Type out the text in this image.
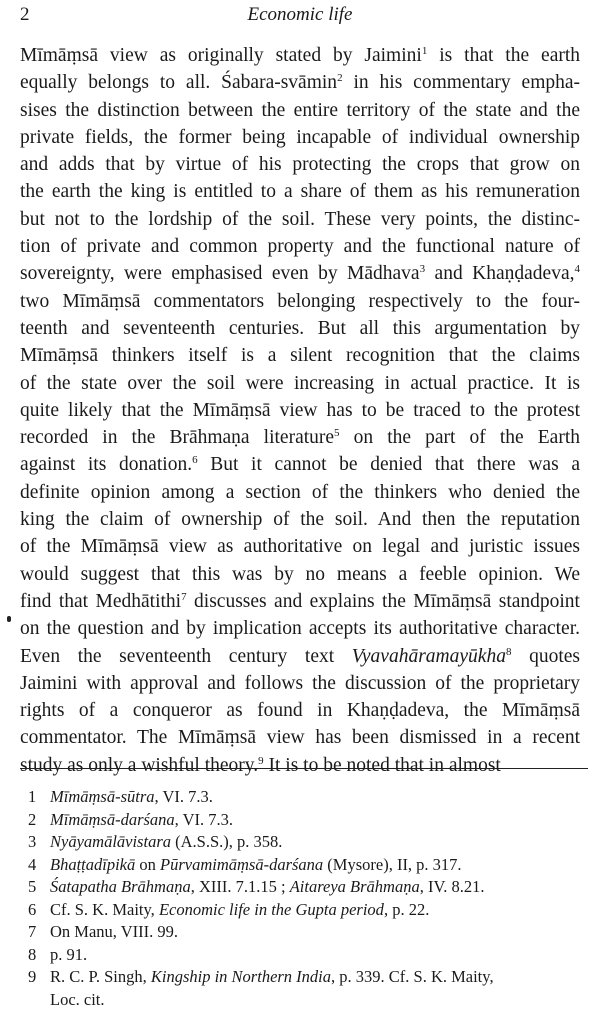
2	Economic life
Mīmāṃsā view as originally stated by Jaimini$^1$ is that the earth
equally belongs to all. Śabara-svāmin$^2$ in his commentary empha-
sises the distinction between the entire territory of the state and the
private fields, the former being incapable of individual ownership
and adds that by virtue of his protecting the crops that grow on
the earth the king is entitled to a share of them as his remuneration
but not to the lordship of the soil. These very points, the distinc-
tion of private and common property and the functional nature of
sovereignty, were emphasised even by Mādhava$^3$ and Khaṇḍadeva,$^4$
two Mīmāṃsā commentators belonging respectively to the four-
teenth and seventeenth centuries. But all this argumentation by
Mīmāṃsā thinkers itself is a silent recognition that the claims
of the state over the soil were increasing in actual practice. It is
quite likely that the Mīmāṃsā view has to be traced to the protest
recorded in the Brāhmaṇa literature$^5$ on the part of the Earth
against its donation.$^6$ But it cannot be denied that there was a
definite opinion among a section of the thinkers who denied the
king the claim of ownership of the soil. And then the reputation
of the Mīmāṃsā view as authoritative on legal and juristic issues
would suggest that this was by no means a feeble opinion. We
find that Medhātithi$^7$ discusses and explains the Mīmāṃsā standpoint
on the question and by implication accepts its authoritative character.
Even the seventeenth century text Vyavahāramayūkha$^8$ quotes
Jaimini with approval and follows the discussion of the proprietary
rights of a conqueror as found in Khaṇḍadeva, the Mīmāṃsā
commentator. The Mīmāṃsā view has been dismissed in a recent
study as only a wishful theory.$^9$ It is to be noted that in almost
1 Mīmāṃsā-sūtra, VI. 7.3.
2 Mīmāṃsā-darśana, VI. 7.3.
3 Nyāyamālāvistara (A.S.S.), p. 358.
4 Bhaṭṭadīpikā on Pūrvamimāṃsā-darśana (Mysore), II, p. 317.
5 Śatapatha Brāhmaṇa, XIII. 7.1.15 ; Aitareya Brāhmaṇa, IV. 8.21.
6 Cf. S. K. Maity, Economic life in the Gupta period, p. 22.
7 On Manu, VIII. 99.
8 p. 91.
9 R. C. P. Singh, Kingship in Northern India, p. 339. Cf. S. K. Maity,
Loc. cit.
